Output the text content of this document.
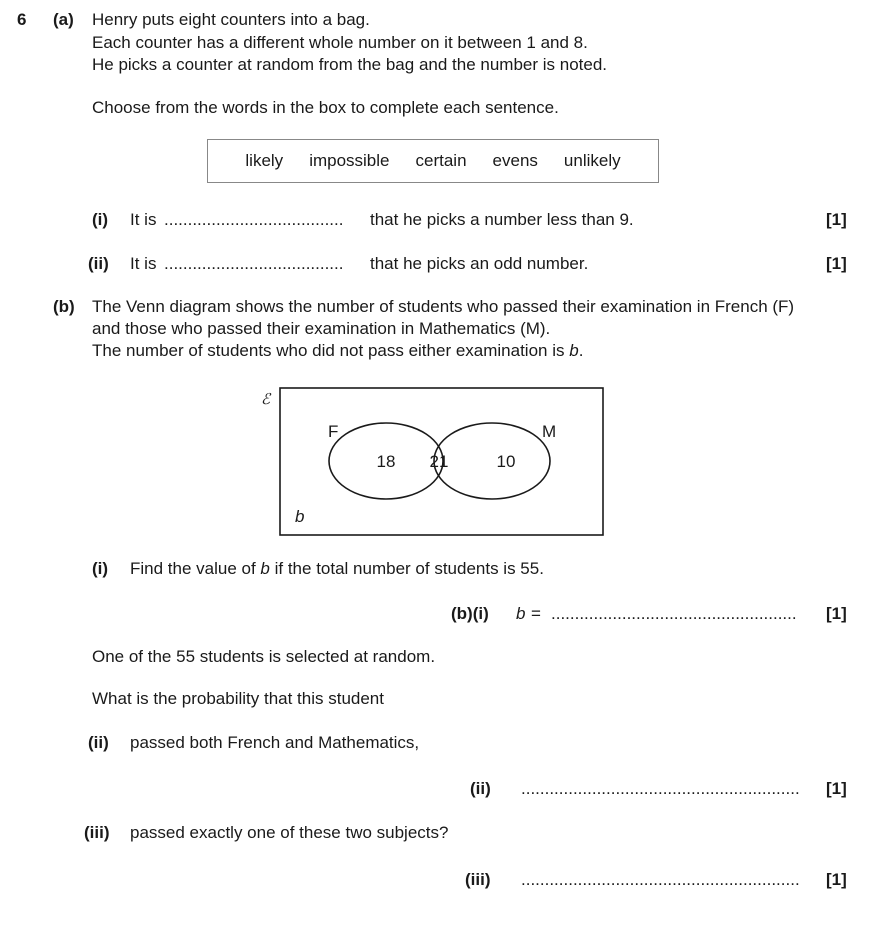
6 (a) Henry puts eight counters into a bag.
Each counter has a different whole number on it between 1 and 8.
He picks a counter at random from the bag and the number is noted.
Choose from the words in the box to complete each sentence.
likely impossible certain evens unlikely
(i) It is ...................................... that he picks a number less than 9.	[1]
(ii) It is ...................................... that he picks an odd number.	[1]
(b) The Venn diagram shows the number of students who passed their examination in French (F)
and those who passed their examination in Mathematics (M).
The number of students who did not pass either examination is b.
ℰ
F	M
18 21	10
b
(i) Find the value of b if the total number of students is 55.
(b)(i) b = .................................................... [1]
One of the 55 students is selected at random.
What is the probability that this student
(ii) passed both French and Mathematics,
(ii) ........................................................... [1]
(iii) passed exactly one of these two subjects?
(iii) ........................................................... [1]
